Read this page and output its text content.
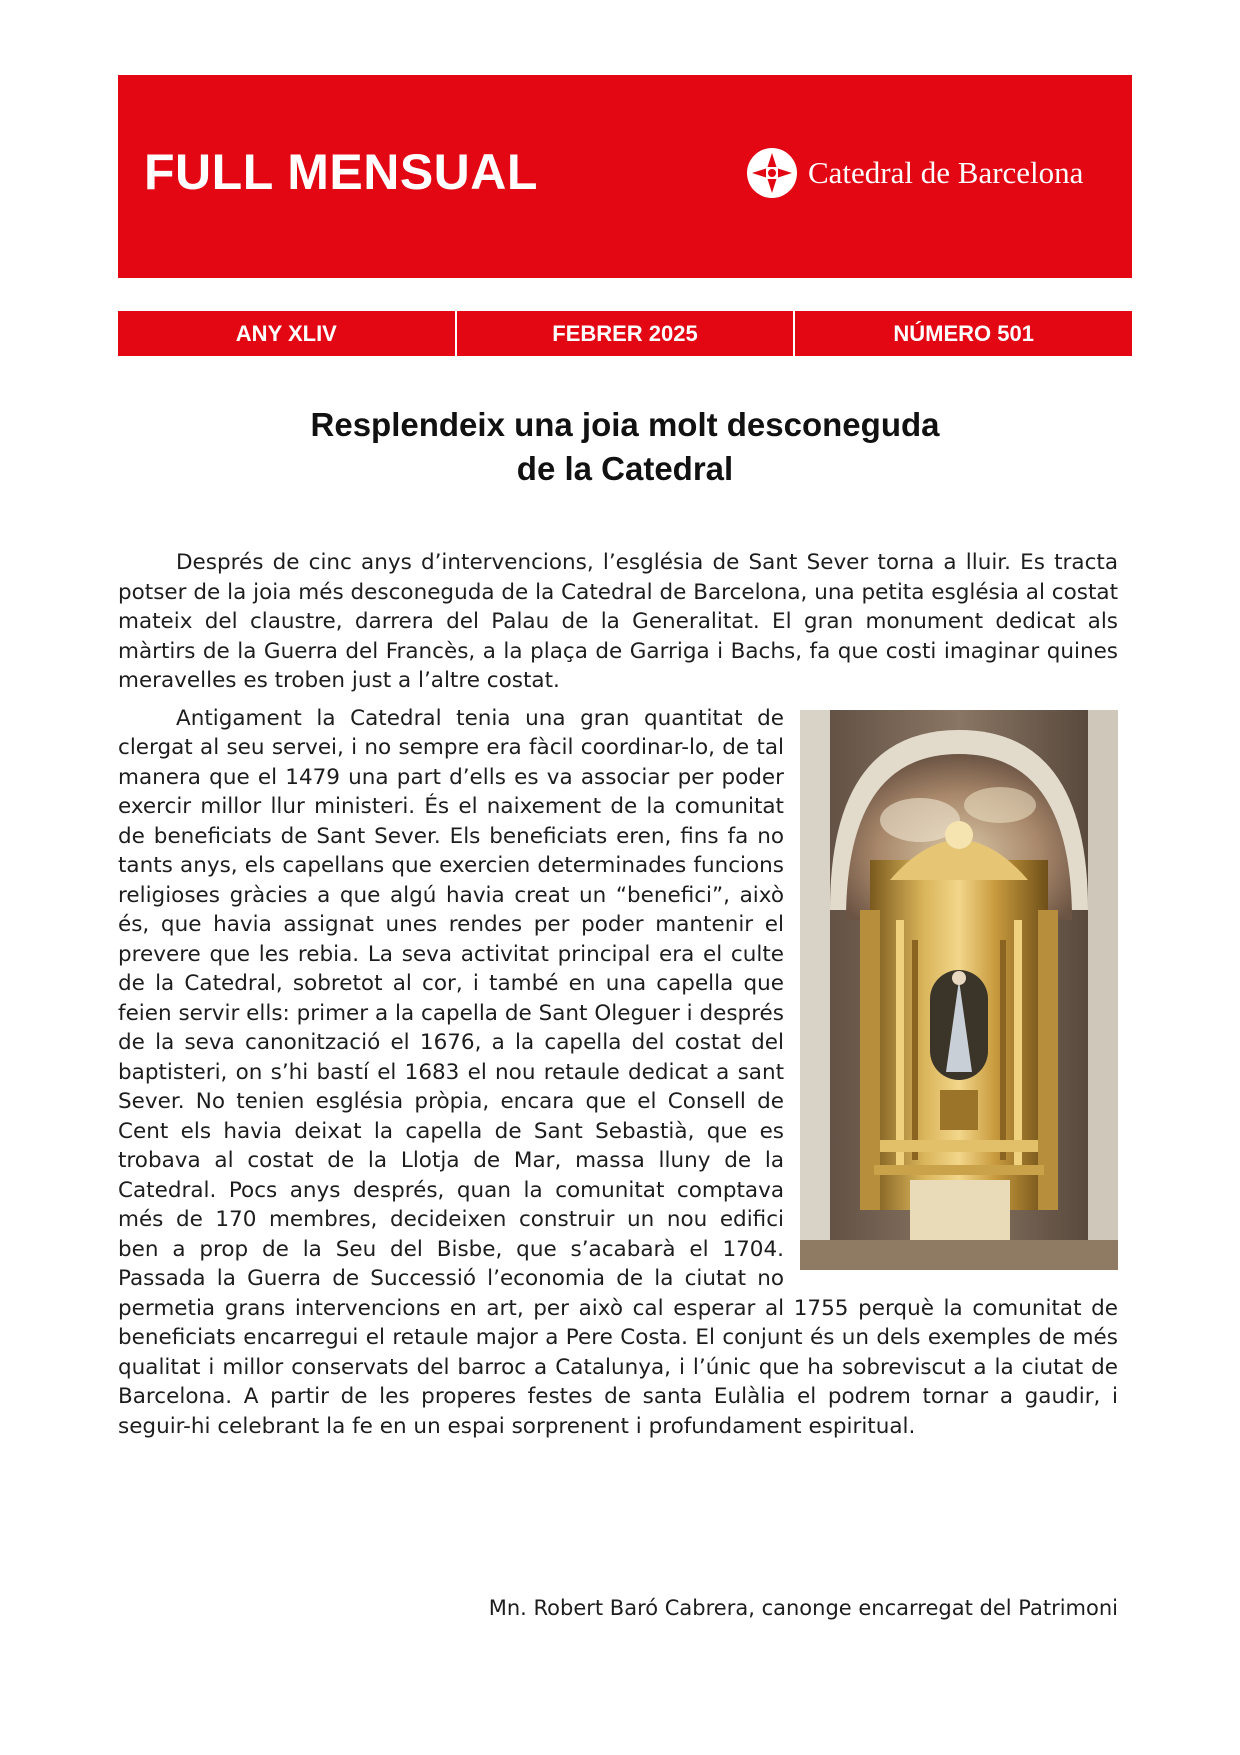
FULL MENSUAL	Catedral de Barcelona
ANY XLIV	FEBRER 2025	NÚMERO 501
Resplendeix una joia molt desconeguda
de la Catedral

Després de cinc anys d’intervencions, l’església de Sant Sever torna a lluir. Es tracta potser de la joia més desconeguda de la Catedral de Barcelona, una petita església al costat mateix del claustre, darrera del Palau de la Generalitat. El gran monument dedicat als màrtirs de la Guerra del Francès, a la plaça de Garriga i Bachs, fa que costi imaginar quines meravelles es troben just a l’altre costat.

Antigament la Catedral tenia una gran quantitat de clergat al seu servei, i no sempre era fàcil coordinar-lo, de tal manera que el 1479 una part d’ells es va associar per poder exercir millor llur ministeri. És el naixement de la comunitat de beneficiats de Sant Sever. Els beneficiats eren, fins fa no tants anys, els capellans que exercien determinades funcions religioses gràcies a que algú havia creat un “benefici”, això és, que havia assignat unes rendes per poder mantenir el prevere que les rebia. La seva activitat principal era el culte de la Catedral, sobretot al cor, i també en una capella que feien servir ells: primer a la capella de Sant Oleguer i després de la seva canonització el 1676, a la capella del costat del baptisteri, on s’hi bastí el 1683 el nou retaule dedicat a sant Sever. No tenien església pròpia, encara que el Consell de Cent els havia deixat la capella de Sant Sebastià, que es trobava al costat de la Llotja de Mar, massa lluny de la Catedral. Pocs anys després, quan la comunitat comptava més de 170 membres, decideixen construir un nou edifici ben a prop de la Seu del Bisbe, que s’acabarà el 1704. Passada la Guerra de Successió l’economia de la ciutat no permetia grans intervencions en art, per això cal esperar al 1755 perquè la comunitat de beneficiats encarregui el retaule major a Pere Costa. El conjunt és un dels exemples de més qualitat i millor conservats del barroc a Catalunya, i l’únic que ha sobreviscut a la ciutat de Barcelona. A partir de les properes festes de santa Eulàlia el podrem tornar a gaudir, i seguir-hi celebrant la fe en un espai sorprenent i profundament espiritual.

Mn. Robert Baró Cabrera, canonge encarregat del Patrimoni
